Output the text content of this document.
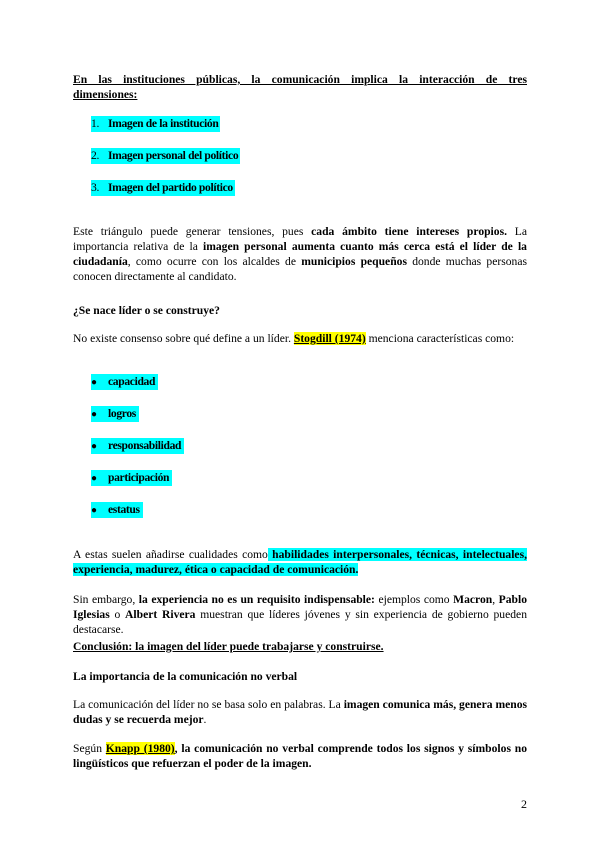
En las instituciones públicas, la comunicación implica la interacción de tres
dimensiones:
1. Imagen de la institución
2. Imagen personal del político
3. Imagen del partido político
Este triángulo puede generar tensiones, pues cada ámbito tiene intereses propios. La importancia relativa de la imagen personal aumenta cuanto más cerca está el líder de la ciudadanía, como ocurre con los alcaldes de municipios pequeños donde muchas personas conocen directamente al candidato.
¿Se nace líder o se construye?
No existe consenso sobre qué define a un líder. Stogdill (1974) menciona características como:
● capacidad
● logros
● responsabilidad
● participación
● estatus
A estas suelen añadirse cualidades como habilidades interpersonales, técnicas, intelectuales, experiencia, madurez, ética o capacidad de comunicación.
Sin embargo, la experiencia no es un requisito indispensable: ejemplos como Macron, Pablo Iglesias o Albert Rivera muestran que líderes jóvenes y sin experiencia de gobierno pueden destacarse.
Conclusión: la imagen del líder puede trabajarse y construirse.
La importancia de la comunicación no verbal
La comunicación del líder no se basa solo en palabras. La imagen comunica más, genera menos dudas y se recuerda mejor.
Según Knapp (1980), la comunicación no verbal comprende todos los signos y símbolos no lingüísticos que refuerzan el poder de la imagen.
2
